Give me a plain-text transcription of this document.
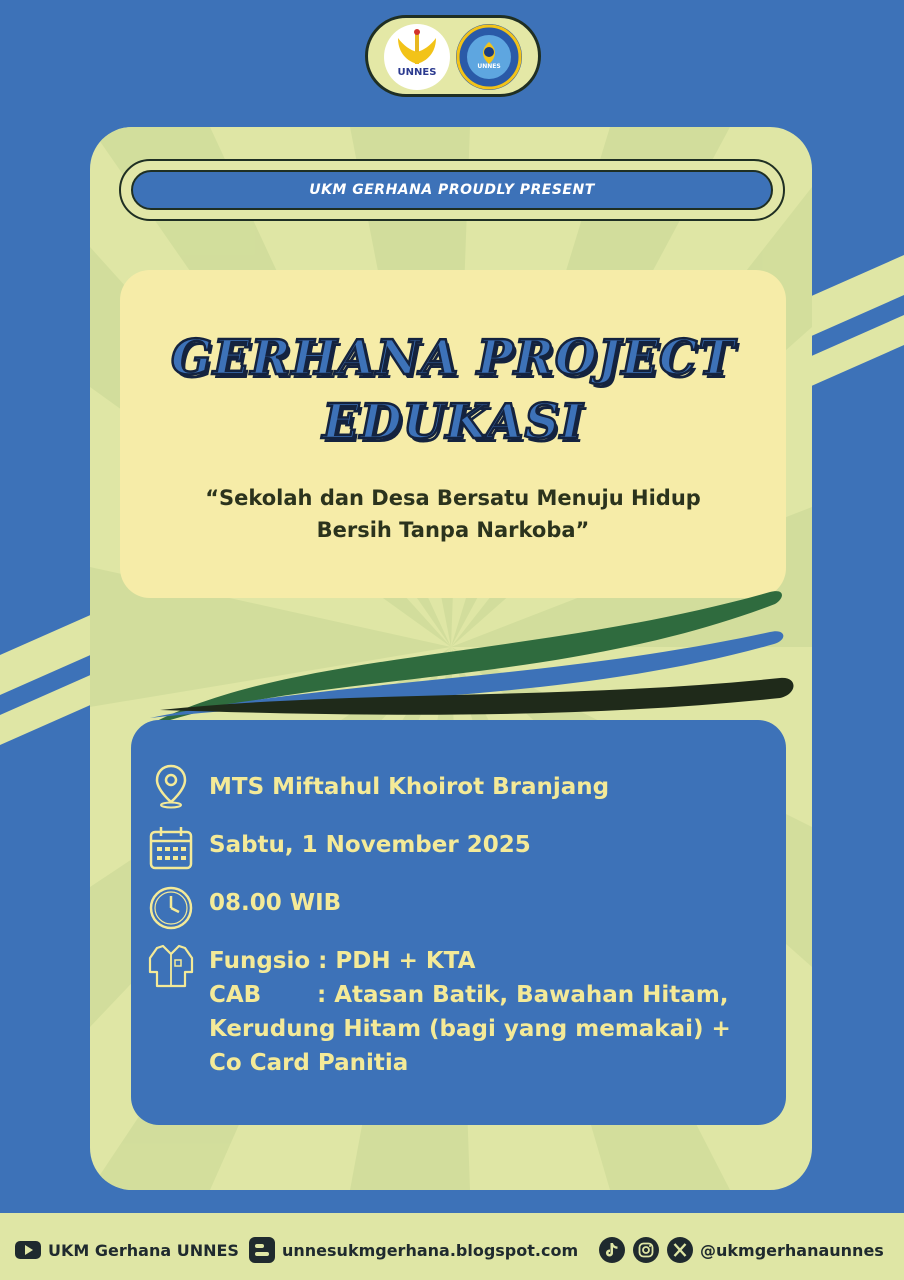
UNNES
UNNES
UKM GERHANA PROUDLY PRESENT
GERHANA PROJECT
EDUKASI
“Sekolah dan Desa Bersatu Menuju Hidup
Bersih Tanpa Narkoba”
MTS Miftahul Khoirot Branjang
Sabtu, 1 November 2025
08.00 WIB
Fungsio : PDH + KTA
CAB : Atasan Batik, Bawahan Hitam,
Kerudung Hitam (bagi yang memakai) +
Co Card Panitia
UKM Gerhana UNNES	unnesukmgerhana.blogspot.com	@ukmgerhanaunnes
